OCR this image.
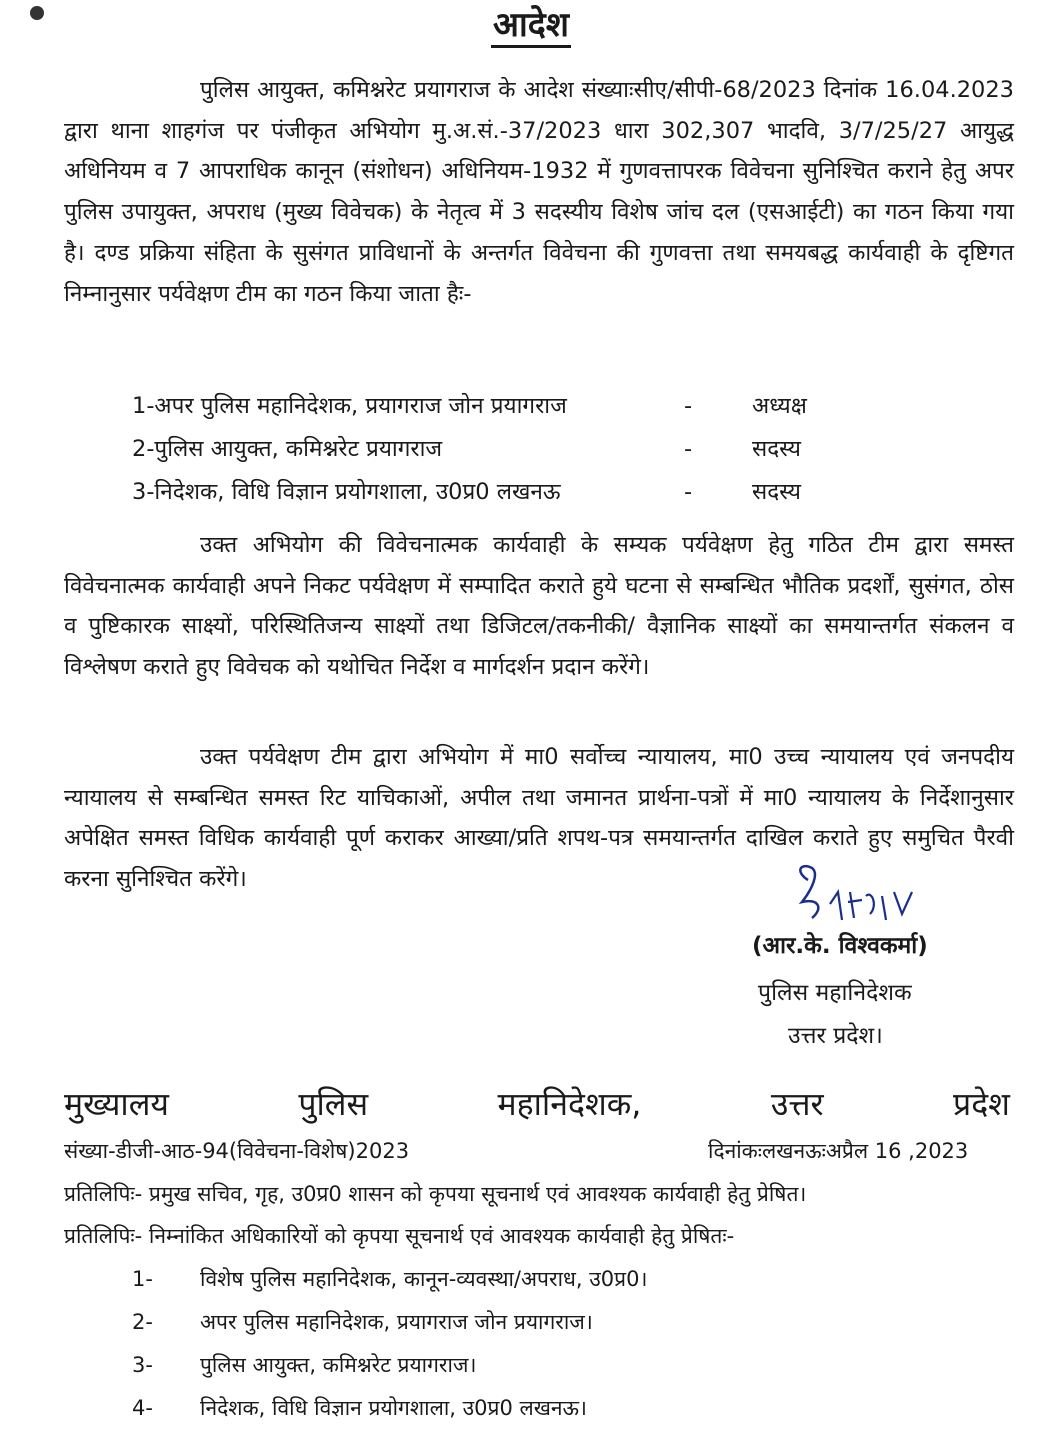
आदेश
पुलिस आयुक्त, कमिश्नरेट प्रयागराज के आदेश संख्याःसीए/सीपी-68/2023 दिनांक 16.04.2023 द्वारा थाना शाहगंज पर पंजीकृत अभियोग मु.अ.सं.-37/2023 धारा 302,307 भादवि, 3/7/25/27 आयुद्ध अधिनियम व 7 आपराधिक कानून (संशोधन) अधिनियम-1932 में गुणवत्तापरक विवेचना सुनिश्चित कराने हेतु अपर पुलिस उपायुक्त, अपराध (मुख्य विवेचक) के नेतृत्व में 3 सदस्यीय विशेष जांच दल (एसआईटी) का गठन किया गया है। दण्ड प्रक्रिया संहिता के सुसंगत प्राविधानों के अन्तर्गत विवेचना की गुणवत्ता तथा समयबद्ध कार्यवाही के दृष्टिगत निम्नानुसार पर्यवेक्षण टीम का गठन किया जाता हैः-
1-अपर पुलिस महानिदेशक, प्रयागराज जोन प्रयागराज	-	अध्यक्ष
2-पुलिस आयुक्त, कमिश्नरेट प्रयागराज	-	सदस्य
3-निदेशक, विधि विज्ञान प्रयोगशाला, उ0प्र0 लखनऊ	-	सदस्य
उक्त अभियोग की विवेचनात्मक कार्यवाही के सम्यक पर्यवेक्षण हेतु गठित टीम द्वारा समस्त विवेचनात्मक कार्यवाही अपने निकट पर्यवेक्षण में सम्पादित कराते हुये घटना से सम्बन्धित भौतिक प्रदर्शों, सुसंगत, ठोस व पुष्टिकारक साक्ष्यों, परिस्थितिजन्य साक्ष्यों तथा डिजिटल/तकनीकी/ वैज्ञानिक साक्ष्यों का समयान्तर्गत संकलन व विश्लेषण कराते हुए विवेचक को यथोचित निर्देश व मार्गदर्शन प्रदान करेंगे।
उक्त पर्यवेक्षण टीम द्वारा अभियोग में मा0 सर्वोच्च न्यायालय, मा0 उच्च न्यायालय एवं जनपदीय न्यायालय से सम्बन्धित समस्त रिट याचिकाओं, अपील तथा जमानत प्रार्थना-पत्रों में मा0 न्यायालय के निर्देशानुसार अपेक्षित समस्त विधिक कार्यवाही पूर्ण कराकर आख्या/प्रति शपथ-पत्र समयान्तर्गत दाखिल कराते हुए समुचित पैरवी करना सुनिश्चित करेंगे।
(आर.के. विश्वकर्मा)
पुलिस महानिदेशक
उत्तर प्रदेश।
मुख्यालय	पुलिस	महानिदेशक,	उत्तर	प्रदेश
संख्या-डीजी-आठ-94(विवेचना-विशेष)2023	दिनांकःलखनऊःअप्रैल 16 ,2023
प्रतिलिपिः- प्रमुख सचिव, गृह, उ0प्र0 शासन को कृपया सूचनार्थ एवं आवश्यक कार्यवाही हेतु प्रेषित।
प्रतिलिपिः- निम्नांकित अधिकारियों को कृपया सूचनार्थ एवं आवश्यक कार्यवाही हेतु प्रेषितः-
1- विशेष पुलिस महानिदेशक, कानून-व्यवस्था/अपराध, उ0प्र0।
2- अपर पुलिस महानिदेशक, प्रयागराज जोन प्रयागराज।
3- पुलिस आयुक्त, कमिश्नरेट प्रयागराज।
4- निदेशक, विधि विज्ञान प्रयोगशाला, उ0प्र0 लखनऊ।
